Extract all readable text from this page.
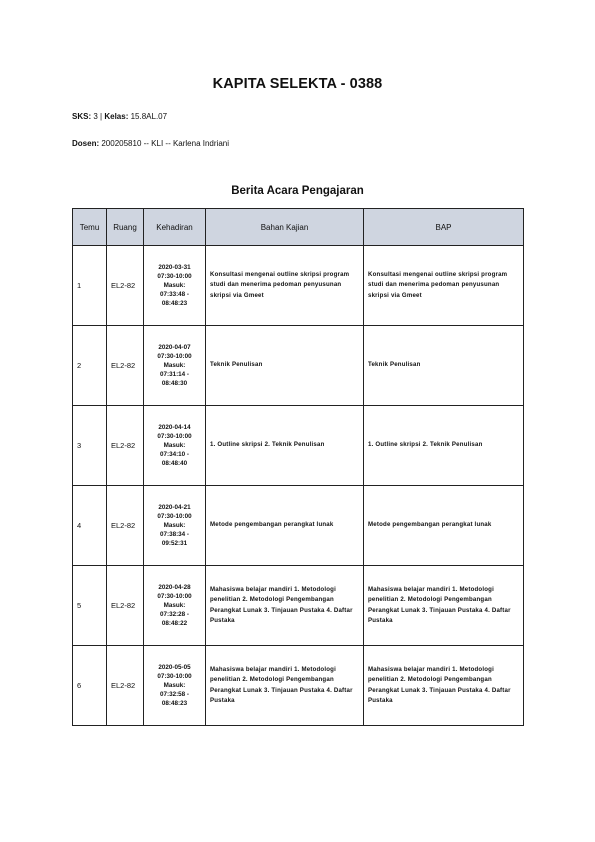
KAPITA SELEKTA - 0388
SKS: 3 | Kelas: 15.8AL.07
Dosen: 200205810 -- KLI -- Karlena Indriani
Berita Acara Pengajaran
Temu	Ruang	Kehadiran	Bahan Kajian	BAP
1	EL2-82	2020-03-31
07:30-10:00
Masuk:
07:33:48 -
08:48:23	Konsultasi mengenai outline skripsi program studi dan menerima pedoman penyusunan skripsi via Gmeet	Konsultasi mengenai outline skripsi program studi dan menerima pedoman penyusunan skripsi via Gmeet
2	EL2-82	2020-04-07
07:30-10:00
Masuk:
07:31:14 -
08:48:30	Teknik Penulisan	Teknik Penulisan
3	EL2-82	2020-04-14
07:30-10:00
Masuk:
07:34:10 -
08:48:40	1. Outline skripsi 2. Teknik Penulisan	1. Outline skripsi 2. Teknik Penulisan
4	EL2-82	2020-04-21
07:30-10:00
Masuk:
07:38:34 -
09:52:31	Metode pengembangan perangkat lunak	Metode pengembangan perangkat lunak
5	EL2-82	2020-04-28
07:30-10:00
Masuk:
07:32:28 -
08:48:22	Mahasiswa belajar mandiri 1. Metodologi penelitian 2. Metodologi Pengembangan Perangkat Lunak 3. Tinjauan Pustaka 4. Daftar Pustaka	Mahasiswa belajar mandiri 1. Metodologi penelitian 2. Metodologi Pengembangan Perangkat Lunak 3. Tinjauan Pustaka 4. Daftar Pustaka
6	EL2-82	2020-05-05
07:30-10:00
Masuk:
07:32:58 -
08:48:23	Mahasiswa belajar mandiri 1. Metodologi penelitian 2. Metodologi Pengembangan Perangkat Lunak 3. Tinjauan Pustaka 4. Daftar Pustaka	Mahasiswa belajar mandiri 1. Metodologi penelitian 2. Metodologi Pengembangan Perangkat Lunak 3. Tinjauan Pustaka 4. Daftar Pustaka
